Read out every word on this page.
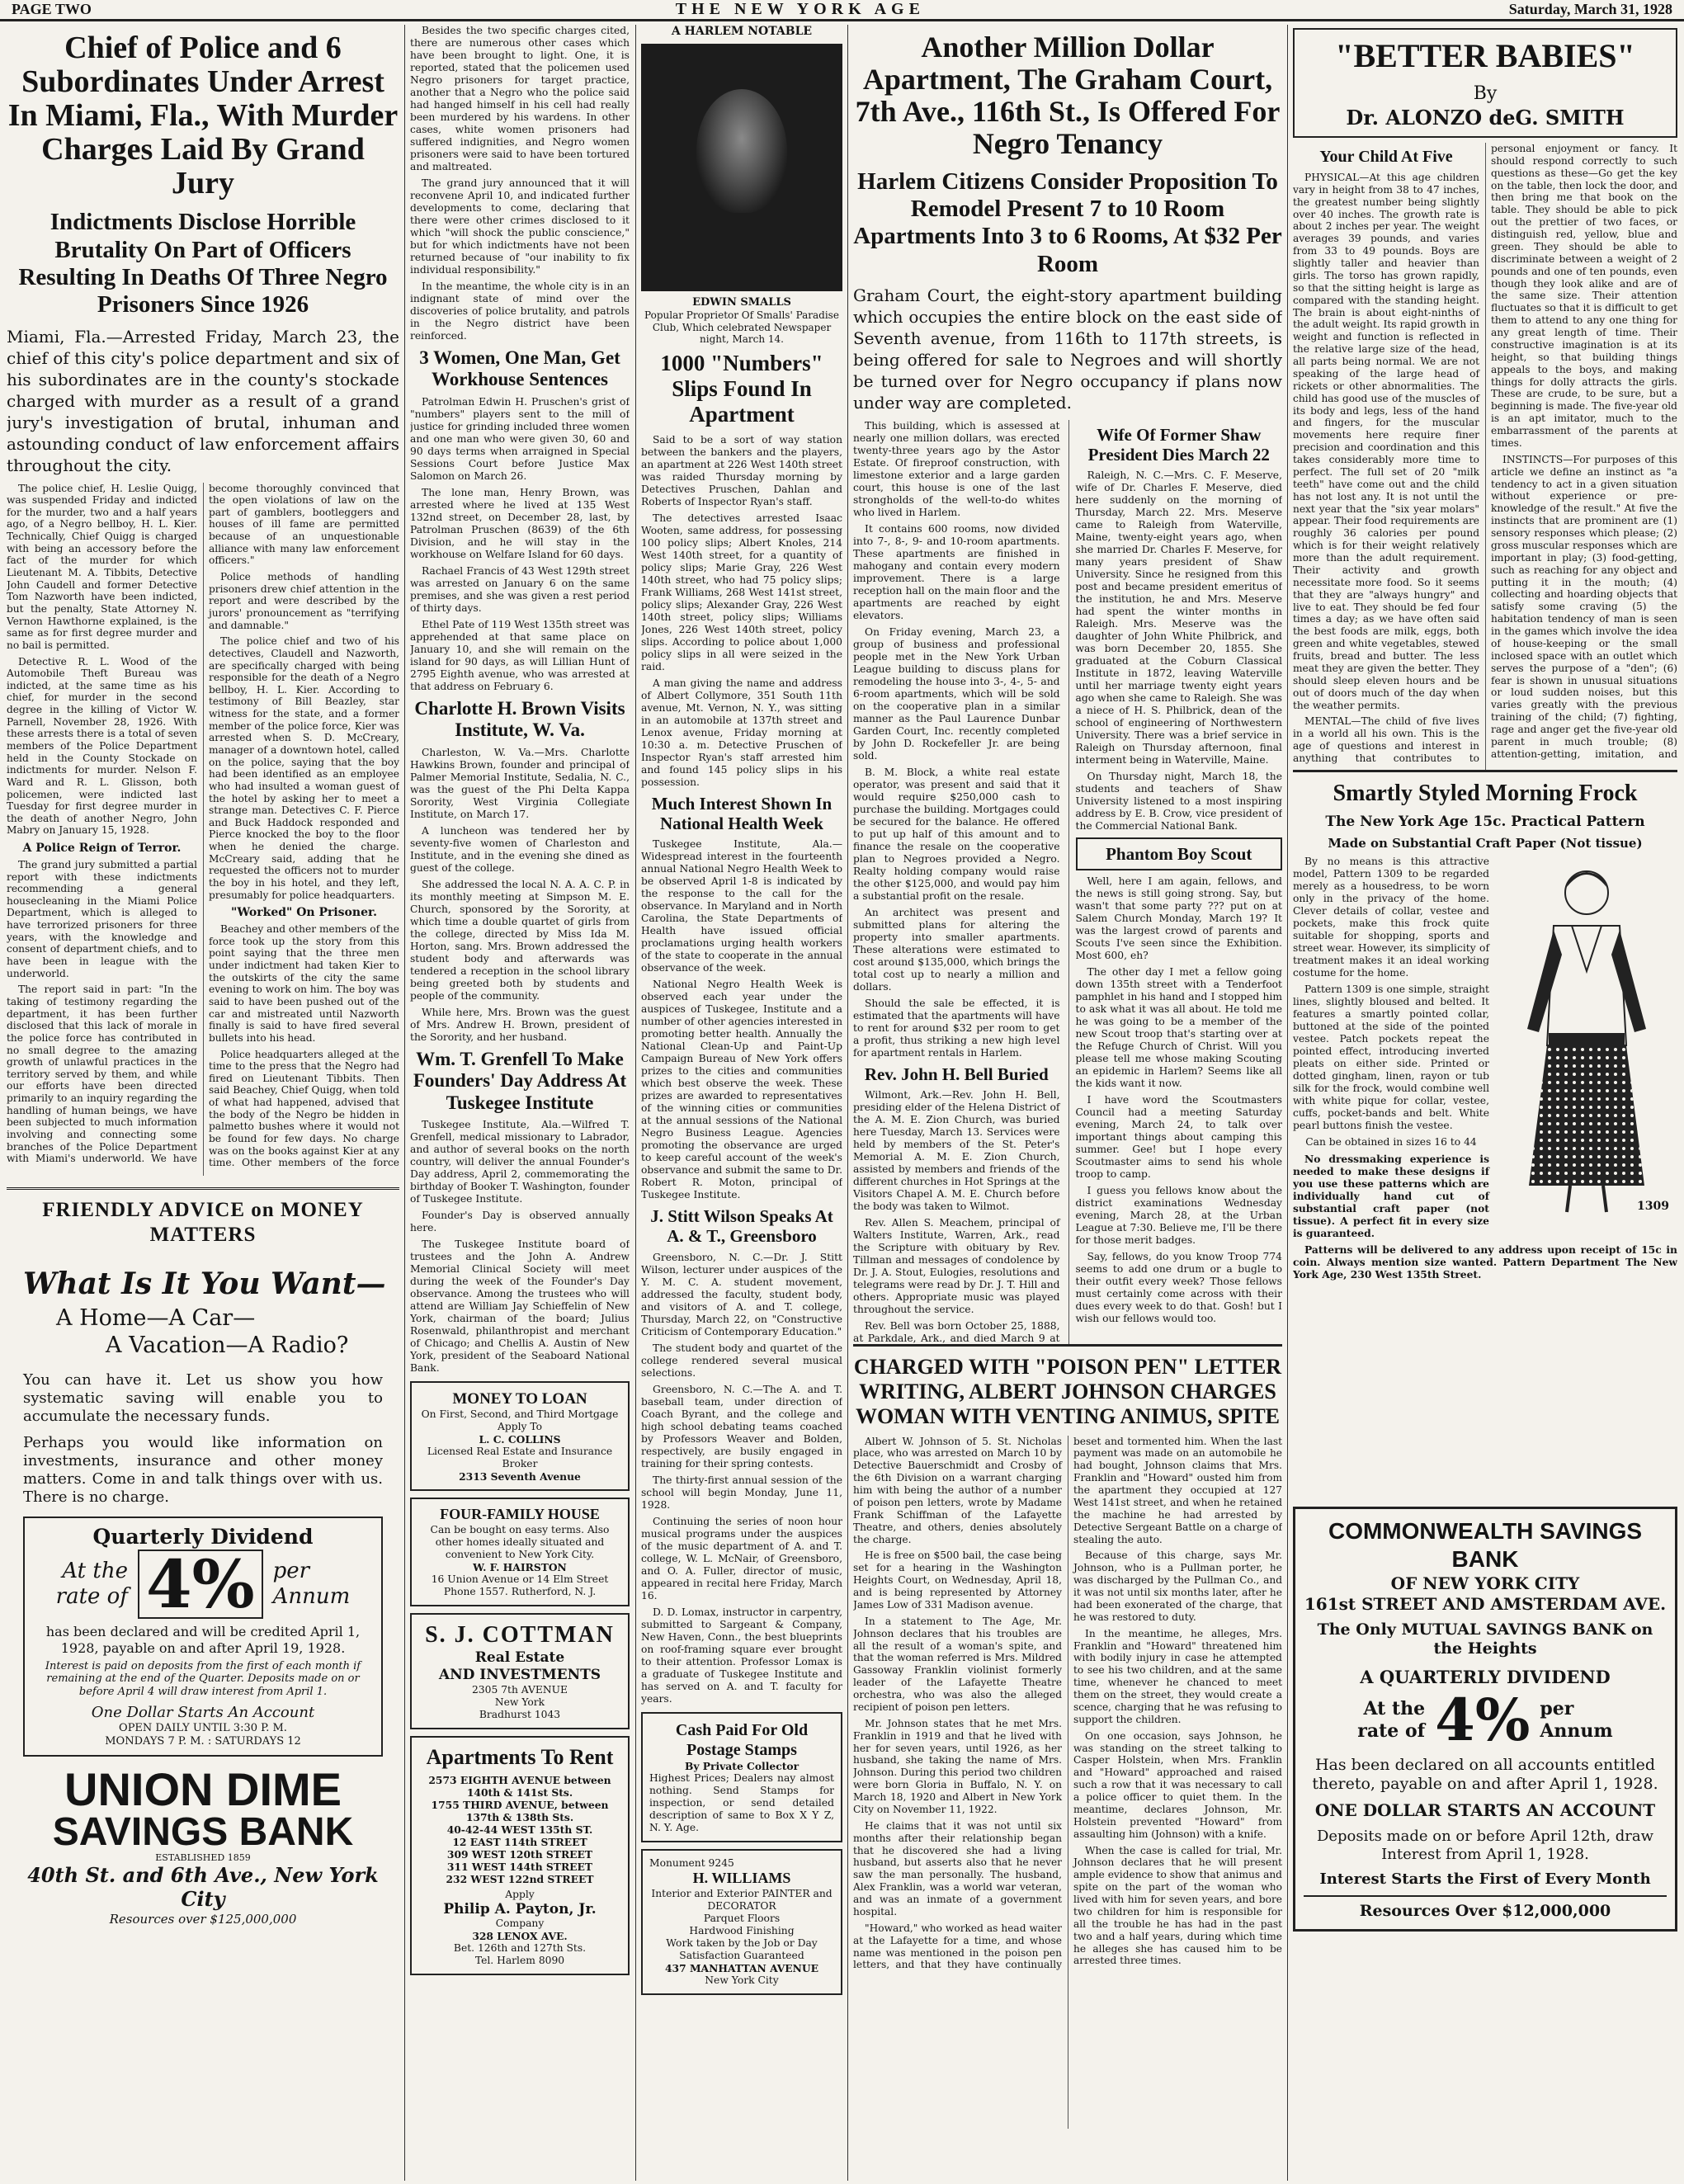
PAGE TWO	THE NEW YORK AGE	Saturday, March 31, 1928
Chief of Police and 6 Subordinates Under Arrest In Miami, Fla., With Murder Charges Laid By Grand Jury
Indictments Disclose Horrible Brutality On Part of Officers Resulting In Deaths Of Three Negro Prisoners Since 1926
Miami, Fla.—Arrested Friday, March 23, the chief of this city's police department and six of his subordinates are in the county's stockade charged with murder as a result of a grand jury's investigation of brutal, inhuman and astounding conduct of law enforcement affairs throughout the city.

The police chief, H. Leslie Quigg, was suspended Friday and indicted for the murder, two and a half years ago, of a Negro bellboy, H. L. Kier. Technically, Chief Quigg is charged with being an accessory before the fact of the murder for which Lieutenant M. A. Tibbits, Detective John Caudell and former Detective Tom Nazworth have been indicted, but the penalty, State Attorney N. Vernon Hawthorne explained, is the same as for first degree murder and no bail is permitted.

Detective R. L. Wood of the Automobile Theft Bureau was indicted, at the same time as his chief, for murder in the second degree in the killing of Victor W. Parnell, November 28, 1926. With these arrests there is a total of seven members of the Police Department held in the County Stockade on indictments for murder. Nelson F. Ward and R. L. Glisson, both policemen, were indicted last Tuesday for first degree murder in the death of another Negro, John Mabry on January 15, 1928.

A Police Reign of Terror.

The grand jury submitted a partial report with these indictments recommending a general housecleaning in the Miami Police Department, which is alleged to have terrorized prisoners for three years, with the knowledge and consent of department chiefs, and to have been in league with the underworld.

The report said in part: "In the taking of testimony regarding the department, it has been further disclosed that this lack of morale in the police force has contributed in no small degree to the amazing growth of unlawful practices in the territory served by them, and while our efforts have been directed primarily to an inquiry regarding the handling of human beings, we have been subjected to much information involving and connecting some branches of the Police Department with Miami's underworld. We have become thoroughly convinced that the open violations of law on the part of gamblers, bootleggers and houses of ill fame are permitted because of an unquestionable alliance with many law enforcement officers."

Police methods of handling prisoners drew chief attention in the report and were described by the jurors' pronouncement as "terrifying and damnable."

The police chief and two of his detectives, Claudell and Nazworth, are specifically charged with being responsible for the death of a Negro bellboy, H. L. Kier. According to testimony of Bill Beazley, star witness for the state, and a former member of the police force, Kier was arrested when S. D. McCreary, manager of a downtown hotel, called on the police, saying that the boy had been identified as an employee who had insulted a woman guest of the hotel by asking her to meet a strange man. Detectives C. F. Pierce and Buck Haddock responded and Pierce knocked the boy to the floor when he denied the charge. McCreary said, adding that he requested the officers not to murder the boy in his hotel, and they left, presumably for police headquarters.

"Worked" On Prisoner.

Beachey and other members of the force took up the story from this point saying that the three men under indictment had taken Kier to the outskirts of the city the same evening to work on him. The boy was said to have been pushed out of the car and mistreated until Nazworth finally is said to have fired several bullets into his head.

Police headquarters alleged at the time to the press that the Negro had fired on Lieutenant Tibbits. Then said Beachey, Chief Quigg, when told of what had happened, advised that the body of the Negro be hidden in palmetto bushes where it would not be found for few days. No charge was on the books against Kier at any time. Other members of the force

FRIENDLY ADVICE on MONEY MATTERS
What Is It You Want—
A Home—A Car—
A Vacation—A Radio?
You can have it. Let us show you how systematic saving will enable you to accumulate the necessary funds.
Perhaps you would like information on investments, insurance and other money matters. Come in and talk things over with us. There is no charge.
Quarterly Dividend
At the
rate of 4% per
Annum
has been declared and will be credited April 1, 1928, payable on and after April 19, 1928.
Interest is paid on deposits from the first of each month if remaining at the end of the Quarter. Deposits made on or before April 4 will draw interest from April 1.
One Dollar Starts An Account
OPEN DAILY UNTIL 3:30 P. M.
MONDAYS 7 P. M. : SATURDAYS 12
UNION DIME
SAVINGS BANK
ESTABLISHED 1859
40th St. and 6th Ave., New York City
Resources over $125,000,000

Besides the two specific charges cited, there are numerous other cases which have been brought to light. One, it is reported, stated that the policemen used Negro prisoners for target practice, another that a Negro who the police said had hanged himself in his cell had really been murdered by his wardens. In other cases, white women prisoners had suffered indignities, and Negro women prisoners were said to have been tortured and maltreated.

The grand jury announced that it will reconvene April 10, and indicated further developments to come, declaring that there were other crimes disclosed to it which "will shock the public conscience," but for which indictments have not been returned because of "our inability to fix individual responsibility."

In the meantime, the whole city is in an indignant state of mind over the discoveries of police brutality, and patrols in the Negro district have been reinforced.

3 Women, One Man, Get Workhouse Sentences

Patrolman Edwin H. Pruschen's grist of "numbers" players sent to the mill of justice for grinding included three women and one man who were given 30, 60 and 90 days terms when arraigned in Special Sessions Court before Justice Max Salomon on March 26.

The lone man, Henry Brown, was arrested where he lived at 135 West 132nd street, on December 28, last, by Patrolman Pruschen (8639) of the 6th Division, and he will stay in the workhouse on Welfare Island for 60 days.

Rachael Francis of 43 West 129th street was arrested on January 6 on the same premises, and she was given a rest period of thirty days.

Ethel Pate of 119 West 135th street was apprehended at that same place on January 10, and she will remain on the island for 90 days, as will Lillian Hunt of 2795 Eighth avenue, who was arrested at that address on February 6.

Charlotte H. Brown Visits Institute, W. Va.

Charleston, W. Va.—Mrs. Charlotte Hawkins Brown, founder and principal of Palmer Memorial Institute, Sedalia, N. C., was the guest of the Phi Delta Kappa Sorority, West Virginia Collegiate Institute, on March 17.

A luncheon was tendered her by seventy-five women of Charleston and Institute, and in the evening she dined as guest of the college.

She addressed the local N. A. A. C. P. in its monthly meeting at Simpson M. E. Church, sponsored by the Sorority, at which time a double quartet of girls from the college, directed by Miss Ida M. Horton, sang. Mrs. Brown addressed the student body and afterwards was tendered a reception in the school library being greeted both by students and people of the community.

While here, Mrs. Brown was the guest of Mrs. Andrew H. Brown, president of the Sorority, and her husband.

Wm. T. Grenfell To Make Founders' Day Address At Tuskegee Institute

Tuskegee Institute, Ala.—Wilfred T. Grenfell, medical missionary to Labrador, and author of several books on the north country, will deliver the annual Founder's Day address, April 2, commemorating the birthday of Booker T. Washington, founder of Tuskegee Institute.

Founder's Day is observed annually here.

The Tuskegee Institute board of trustees and the John A. Andrew Memorial Clinical Society will meet during the week of the Founder's Day observance. Among the trustees who will attend are William Jay Schieffelin of New York, chairman of the board; Julius Rosenwald, philanthropist and merchant of Chicago; and Chellis A. Austin of New York, president of the Seaboard National Bank.

MONEY TO LOAN
On First, Second, and Third Mortgage
Apply To
L. C. COLLINS
Licensed Real Estate and Insurance Broker
2313 Seventh Avenue
FOUR-FAMILY HOUSE
Can be bought on easy terms. Also other homes ideally situated and convenient to New York City.
W. F. HAIRSTON
16 Union Avenue or 14 Elm Street
Phone 1557. Rutherford, N. J.
S. J. COTTMAN
Real Estate
AND INVESTMENTS
2305 7th AVENUE
New York
Bradhurst 1043
Apartments To Rent
2573 EIGHTH AVENUE between 140th & 141st Sts.
1755 THIRD AVENUE, between 137th & 138th Sts.
40-42-44 WEST 135th ST.
12 EAST 114th STREET
309 WEST 120th STREET
311 WEST 144th STREET
232 WEST 122nd STREET
Apply
Philip A. Payton, Jr.
Company
328 LENOX AVE.
Bet. 126th and 127th Sts.
Tel. Harlem 8090
A HARLEM NOTABLE
EDWIN SMALLS
Popular Proprietor Of Smalls' Paradise Club, Which celebrated Newspaper night, March 14.
1000 "Numbers" Slips Found In Apartment

Said to be a sort of way station between the bankers and the players, an apartment at 226 West 140th street was raided Thursday morning by Detectives Pruschen, Dahlan and Roberts of Inspector Ryan's staff.

The detectives arrested Isaac Wooten, same address, for possessing 100 policy slips; Albert Knoles, 214 West 140th street, for a quantity of policy slips; Marie Gray, 226 West 140th street, who had 75 policy slips; Frank Williams, 268 West 141st street, policy slips; Alexander Gray, 226 West 140th street, policy slips; Williams Jones, 226 West 140th street, policy slips. According to police about 1,000 policy slips in all were seized in the raid.

A man giving the name and address of Albert Collymore, 351 South 11th avenue, Mt. Vernon, N. Y., was sitting in an automobile at 137th street and Lenox avenue, Friday morning at 10:30 a. m. Detective Pruschen of Inspector Ryan's staff arrested him and found 145 policy slips in his possession.

Much Interest Shown In National Health Week

Tuskegee Institute, Ala.—Widespread interest in the fourteenth annual National Negro Health Week to be observed April 1-8 is indicated by the response to the call for the observance. In Maryland and in North Carolina, the State Departments of Health have issued official proclamations urging health workers of the state to cooperate in the annual observance of the week.

National Negro Health Week is observed each year under the auspices of Tuskegee, Institute and a number of other agencies interested in promoting better health. Annually the National Clean-Up and Paint-Up Campaign Bureau of New York offers prizes to the cities and communities which best observe the week. These prizes are awarded to representatives of the winning cities or communities at the annual sessions of the National Negro Business League. Agencies promoting the observance are urged to keep careful account of the week's observance and submit the same to Dr. Robert R. Moton, principal of Tuskegee Institute.

J. Stitt Wilson Speaks At A. & T., Greensboro

Greensboro, N. C.—Dr. J. Stitt Wilson, lecturer under auspices of the Y. M. C. A. student movement, addressed the faculty, student body, and visitors of A. and T. college, Thursday, March 22, on "Constructive Criticism of Contemporary Education."

The student body and quartet of the college rendered several musical selections.

Greensboro, N. C.—The A. and T. baseball team, under direction of Coach Byrant, and the college and high school debating teams coached by Professors Weaver and Bolden, respectively, are busily engaged in training for their spring contests.

The thirty-first annual session of the school will begin Monday, June 11, 1928.

Continuing the series of noon hour musical programs under the auspices of the music department of A. and T. college, W. L. McNair, of Greensboro, and O. A. Fuller, director of music, appeared in recital here Friday, March 16.

D. D. Lomax, instructor in carpentry, submitted to Sargeant & Company, New Haven, Conn., the best blueprints on roof-framing square ever brought to their attention. Professor Lomax is a graduate of Tuskegee Institute and has served on A. and T. faculty for years.

Cash Paid For Old Postage Stamps
By Private Collector
Highest Prices; Dealers nay almost nothing. Send Stamps for inspection, or send detailed description of same to Box X Y Z, N. Y. Age.
Monument 9245
H. WILLIAMS
Interior and Exterior PAINTER and DECORATOR
Parquet Floors
Hardwood Finishing
Work taken by the Job or Day
Satisfaction Guaranteed
437 MANHATTAN AVENUE
New York City
Another Million Dollar Apartment, The Graham Court, 7th Ave., 116th St., Is Offered For Negro Tenancy
Harlem Citizens Consider Proposition To Remodel Present 7 to 10 Room Apartments Into 3 to 6 Rooms, At $32 Per Room
Graham Court, the eight-story apartment building which occupies the entire block on the east side of Seventh avenue, from 116th to 117th streets, is being offered for sale to Negroes and will shortly be turned over for Negro occupancy if plans now under way are completed.

This building, which is assessed at nearly one million dollars, was erected twenty-three years ago by the Astor Estate. Of fireproof construction, with limestone exterior and a large garden court, this house is one of the last strongholds of the well-to-do whites who lived in Harlem.

It contains 600 rooms, now divided into 7-, 8-, 9- and 10-room apartments. These apartments are finished in mahogany and contain every modern improvement. There is a large reception hall on the main floor and the apartments are reached by eight elevators.

On Friday evening, March 23, a group of business and professional people met in the New York Urban League building to discuss plans for remodeling the house into 3-, 4-, 5- and 6-room apartments, which will be sold on the cooperative plan in a similar manner as the Paul Laurence Dunbar Garden Court, Inc. recently completed by John D. Rockefeller Jr. are being sold.

B. M. Block, a white real estate operator, was present and said that it would require $250,000 cash to purchase the building. Mortgages could be secured for the balance. He offered to put up half of this amount and to finance the resale on the cooperative plan to Negroes provided a Negro. Realty holding company would raise the other $125,000, and would pay him a substantial profit on the resale.

An architect was present and submitted plans for altering the property into smaller apartments. These alterations were estimated to cost around $135,000, which brings the total cost up to nearly a million and dollars.

Should the sale be effected, it is estimated that the apartments will have to rent for around $32 per room to get a profit, thus striking a new high level for apartment rentals in Harlem.

Rev. John H. Bell Buried

Wilmont, Ark.—Rev. John H. Bell, presiding elder of the Helena District of the A. M. E. Zion Church, was buried here Tuesday, March 13. Services were held by members of the St. Peter's Memorial A. M. E. Zion Church, assisted by members and friends of the different churches in Hot Springs at the Visitors Chapel A. M. E. Church before the body was taken to Wilmot.

Rev. Allen S. Meachem, principal of Walters Institute, Warren, Ark., read the Scripture with obituary by Rev. Tillman and messages of condolence by Dr. J. A. Stout, Eulogies, resolutions and telegrams were read by Dr. J. T. Hill and others. Appropriate music was played throughout the service.

Rev. Bell was born October 25, 1888, at Parkdale, Ark., and died March 9 at

Wife Of Former Shaw President Dies March 22

Raleigh, N. C.—Mrs. C. F. Meserve, wife of Dr. Charles F. Meserve, died here suddenly on the morning of Thursday, March 22. Mrs. Meserve came to Raleigh from Waterville, Maine, twenty-eight years ago, when she married Dr. Charles F. Meserve, for many years president of Shaw University. Since he resigned from this post and became president emeritus of the institution, he and Mrs. Meserve had spent the winter months in Raleigh. Mrs. Meserve was the daughter of John White Philbrick, and was born December 20, 1855. She graduated at the Coburn Classical Institute in 1872, leaving Waterville until her marriage twenty eight years ago when she came to Raleigh. She was a niece of H. S. Philbrick, dean of the school of engineering of Northwestern University. There was a brief service in Raleigh on Thursday afternoon, final interment being in Waterville, Maine.

On Thursday night, March 18, the students and teachers of Shaw University listened to a most inspiring address by E. B. Crow, vice president of the Commercial National Bank.

Phantom Boy Scout

Well, here I am again, fellows, and the news is still going strong. Say, but wasn't that some party ??? put on at Salem Church Monday, March 19? It was the largest crowd of parents and Scouts I've seen since the Exhibition. Most 600, eh?

The other day I met a fellow going down 135th street with a Tenderfoot pamphlet in his hand and I stopped him to ask what it was all about. He told me he was going to be a member of the new Scout troop that's starting over at the Refuge Church of Christ. Will you please tell me whose making Scouting an epidemic in Harlem? Seems like all the kids want it now.

I have word the Scoutmasters Council had a meeting Saturday evening, March 24, to talk over important things about camping this summer. Gee! but I hope every Scoutmaster aims to send his whole troop to camp.

I guess you fellows know about the district examinations Wednesday evening, March 28, at the Urban League at 7:30. Believe me, I'll be there for those merit badges.

Say, fellows, do you know Troop 774 seems to add one drum or a bugle to their outfit every week? Those fellows must certainly come across with their dues every week to do that. Gosh! but I wish our fellows would too.

CHARGED WITH "POISON PEN" LETTER WRITING, ALBERT JOHNSON CHARGES WOMAN WITH VENTING ANIMUS, SPITE

Albert W. Johnson of 5. St. Nicholas place, who was arrested on March 10 by Detective Bauerschmidt and Crosby of the 6th Division on a warrant charging him with being the author of a number of poison pen letters, wrote by Madame Frank Schiffman of the Lafayette Theatre, and others, denies absolutely the charge.

He is free on $500 bail, the case being set for a hearing in the Washington Heights Court, on Wednesday, April 18, and is being represented by Attorney James Low of 331 Madison avenue.

In a statement to The Age, Mr. Johnson declares that his troubles are all the result of a woman's spite, and that the woman referred is Mrs. Mildred Gassoway Franklin violinist formerly leader of the Lafayette Theatre orchestra, who was also the alleged recipient of poison pen letters.

Mr. Johnson states that he met Mrs. Franklin in 1919 and that he lived with her for seven years, until 1926, as her husband, she taking the name of Mrs. Johnson. During this period two children were born Gloria in Buffalo, N. Y. on March 18, 1920 and Albert in New York City on November 11, 1922.

He claims that it was not until six months after their relationship began that he discovered she had a living husband, but asserts also that he never saw the man personally. The husband, Alex Franklin, was a world war veteran, and was an inmate of a government hospital.

"Howard," who worked as head waiter at the Lafayette for a time, and whose name was mentioned in the poison pen letters, and that they have continually beset and tormented him. When the last payment was made on an automobile he had bought, Johnson claims that Mrs. Franklin and "Howard" ousted him from the apartment they occupied at 127 West 141st street, and when he retained the machine he had arrested by Detective Sergeant Battle on a charge of stealing the auto.

Because of this charge, says Mr. Johnson, who is a Pullman porter, he was discharged by the Pullman Co., and it was not until six months later, after he had been exonerated of the charge, that he was restored to duty.

In the meantime, he alleges, Mrs. Franklin and "Howard" threatened him with bodily injury in case he attempted to see his two children, and at the same time, whenever he chanced to meet them on the street, they would create a scence, charging that he was refusing to support the children.

On one occasion, says Johnson, he was standing on the street talking to Casper Holstein, when Mrs. Franklin and "Howard" approached and raised such a row that it was necessary to call a police officer to quiet them. In the meantime, declares Johnson, Mr. Holstein prevented "Howard" from assaulting him (Johnson) with a knife.

When the case is called for trial, Mr. Johnson declares that he will present ample evidence to show that animus and spite on the part of the woman who lived with him for seven years, and bore two children for him is responsible for all the trouble he has had in the past two and a half years, during which time he alleges she has caused him to be arrested three times.

"BETTER BABIES"
By
Dr. ALONZO deG. SMITH
Your Child At Five

PHYSICAL—At this age children vary in height from 38 to 47 inches, the greatest number being slightly over 40 inches. The growth rate is about 2 inches per year. The weight averages 39 pounds, and varies from 33 to 49 pounds. Boys are slightly taller and heavier than girls. The torso has grown rapidly, so that the sitting height is large as compared with the standing height. The brain is about eight-ninths of the adult weight. Its rapid growth in weight and function is reflected in the relative large size of the head, all parts being normal. We are not speaking of the large head of rickets or other abnormalities. The child has good use of the muscles of its body and legs, less of the hand and fingers, for the muscular movements here require finer precision and coordination and this takes considerably more time to perfect. The full set of 20 "milk teeth" have come out and the child has not lost any. It is not until the next year that the "six year molars" appear. Their food requirements are roughly 36 calories per pound which is for their weight relatively more than the adult requirement. Their activity and growth necessitate more food. So it seems that they are "always hungry" and live to eat. They should be fed four times a day; as we have often said the best foods are milk, eggs, both green and white vegetables, stewed fruits, bread and butter. The less meat they are given the better. They should sleep eleven hours and be out of doors much of the day when the weather permits.

MENTAL—The child of five lives in a world all his own. This is the age of questions and interest in anything that contributes to personal enjoyment or fancy. It should respond correctly to such questions as these—Go get the key on the table, then lock the door, and then bring me that book on the table. They should be able to pick out the prettier of two faces, or distinguish red, yellow, blue and green. They should be able to discriminate between a weight of 2 pounds and one of ten pounds, even though they look alike and are of the same size. Their attention fluctuates so that it is difficult to get them to attend to any one thing for any great length of time. Their constructive imagination is at its height, so that building things appeals to the boys, and making things for dolly attracts the girls. These are crude, to be sure, but a beginning is made. The five-year old is an apt imitator, much to the embarrassment of the parents at times.

INSTINCTS—For purposes of this article we define an instinct as "a tendency to act in a given situation without experience or pre-knowledge of the result." At five the instincts that are prominent are (1) sensory responses which please; (2) gross muscular responses which are important in play; (3) food-getting, such as reaching for any object and putting it in the mouth; (4) collecting and hoarding objects that satisfy some craving (5) the habitation tendency of man is seen in the games which involve the idea of house-keeping or the small inclosed space with an outlet which serves the purpose of a "den"; (6) fear is shown in unusual situations or loud sudden noises, but this varies greatly with the previous training of the child; (7) fighting, rage and anger get the five-year old parent in much trouble; (8) attention-getting, imitation, and

Smartly Styled Morning Frock
The New York Age 15c. Practical Pattern
Made on Substantial Craft Paper (Not tissue)
1309

By no means is this attractive model, Pattern 1309 to be regarded merely as a housedress, to be worn only in the privacy of the home. Clever details of collar, vestee and pockets, make this frock quite suitable for shopping, sports and street wear. However, its simplicity of treatment makes it an ideal working costume for the home.

Pattern 1309 is one simple, straight lines, slightly bloused and belted. It features a smartly pointed collar, buttoned at the side of the pointed vestee. Patch pockets repeat the pointed effect, introducing inverted pleats on either side. Printed or dotted gingham, linen, rayon or tub silk for the frock, would combine well with white pique for collar, vestee, cuffs, pocket-bands and belt. White pearl buttons finish the vestee.

Can be obtained in sizes 16 to 44

No dressmaking experience is needed to make these designs if you use these patterns which are individually hand cut of substantial craft paper (not tissue). A perfect fit in every size is guaranteed.

Patterns will be delivered to any address upon receipt of 15c in coin. Always mention size wanted. Pattern Department The New York Age, 230 West 135th Street.

COMMONWEALTH SAVINGS BANK
OF NEW YORK CITY
161st STREET AND AMSTERDAM AVE.
The Only MUTUAL SAVINGS BANK on the Heights
A QUARTERLY DIVIDEND
At the
rate of 4% per
Annum
Has been declared on all accounts entitled thereto, payable on and after April 1, 1928.
ONE DOLLAR STARTS AN ACCOUNT
Deposits made on or before April 12th, draw Interest from April 1, 1928.
Interest Starts the First of Every Month
Resources Over $12,000,000
